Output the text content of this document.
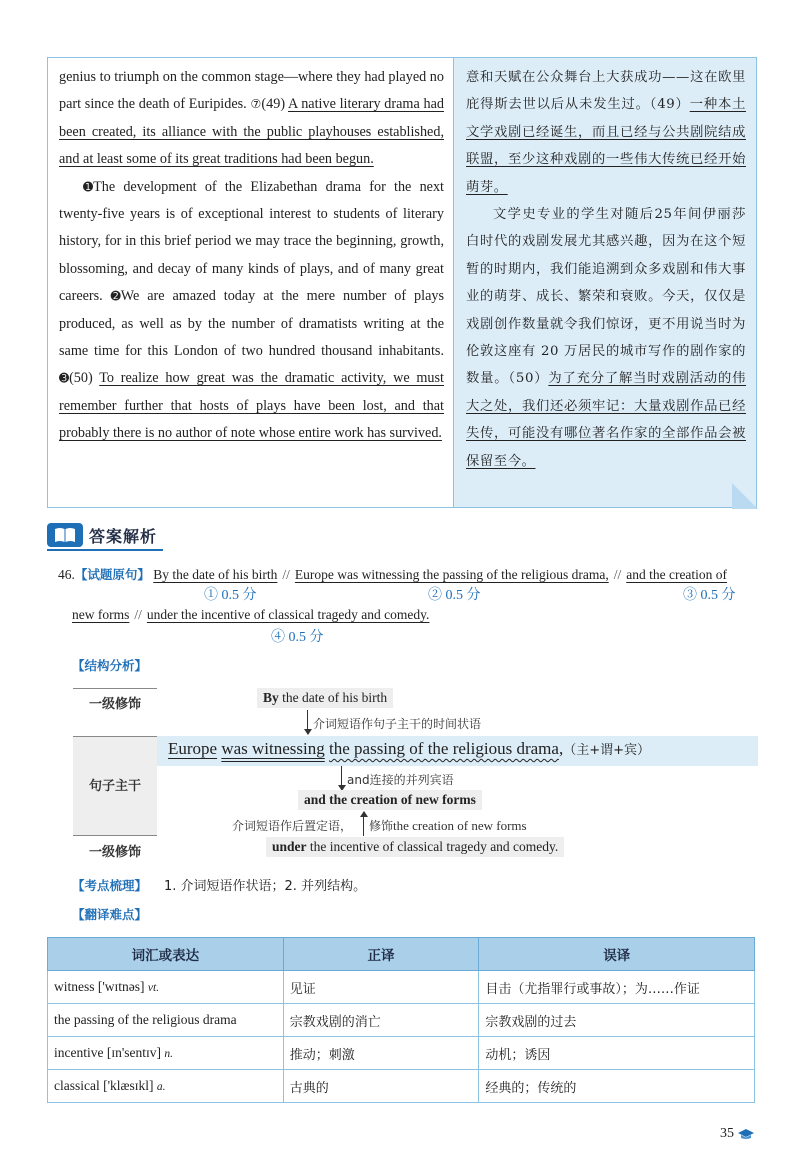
genius to triumph on the common stage—where they had played no part since the death of Euripides. ⑦(49) A native literary drama had been created, its alliance with the public playhouses established, and at least some of its great traditions had been begun.

➊The development of the Elizabethan drama for the next twenty-five years is of exceptional interest to students of literary history, for in this brief period we may trace the beginning, growth, blossoming, and decay of many kinds of plays, and of many great careers. ➋We are amazed today at the mere number of plays produced, as well as by the number of dramatists writing at the same time for this London of two hundred thousand inhabitants. ➌(50) To realize how great was the dramatic activity, we must remember further that hosts of plays have been lost, and that probably there is no author of note whose entire work has survived.

意和天赋在公众舞台上大获成功——这在欧里庇得斯去世以后从未发生过。（49）一种本土文学戏剧已经诞生，而且已经与公共剧院结成联盟，至少这种戏剧的一些伟大传统已经开始萌芽。

文学史专业的学生对随后25年间伊丽莎白时代的戏剧发展尤其感兴趣，因为在这个短暂的时期内，我们能追溯到众多戏剧和伟大事业的萌芽、成长、繁荣和衰败。今天，仅仅是戏剧创作数量就令我们惊讶，更不用说当时为伦敦这座有 20 万居民的城市写作的剧作家的数量。（50）为了充分了解当时戏剧活动的伟大之处，我们还必须牢记：大量戏剧作品已经失传，可能没有哪位著名作家的全部作品会被保留至今。

答案解析
46.【试题原句】 By the date of his birth // Europe was witnessing the passing of the religious drama, // and the creation of
① 0.5 分	② 0.5 分	③ 0.5 分
new forms // under the incentive of classical tragedy and comedy.
④ 0.5 分
【结构分析】
一级修饰	By the date of his birth
介词短语作句子主干的时间状语
句子主干
Europe was witnessing the passing of the religious drama,（主+谓+宾）
and连接的并列宾语
and the creation of new forms
介词短语作后置定语， 修饰the creation of new forms
一级修饰	under the incentive of classical tragedy and comedy.
【考点梳理】 1. 介词短语作状语；2. 并列结构。
【翻译难点】
词汇或表达	正译	误译
witness ['wɪtnəs] vt.	见证	目击（尤指罪行或事故）；为……作证
the passing of the religious drama	宗教戏剧的消亡	宗教戏剧的过去
incentive [ɪn'sentɪv] n.	推动；刺激	动机；诱因
classical ['klæsɪkl] a.	古典的	经典的；传统的
35
